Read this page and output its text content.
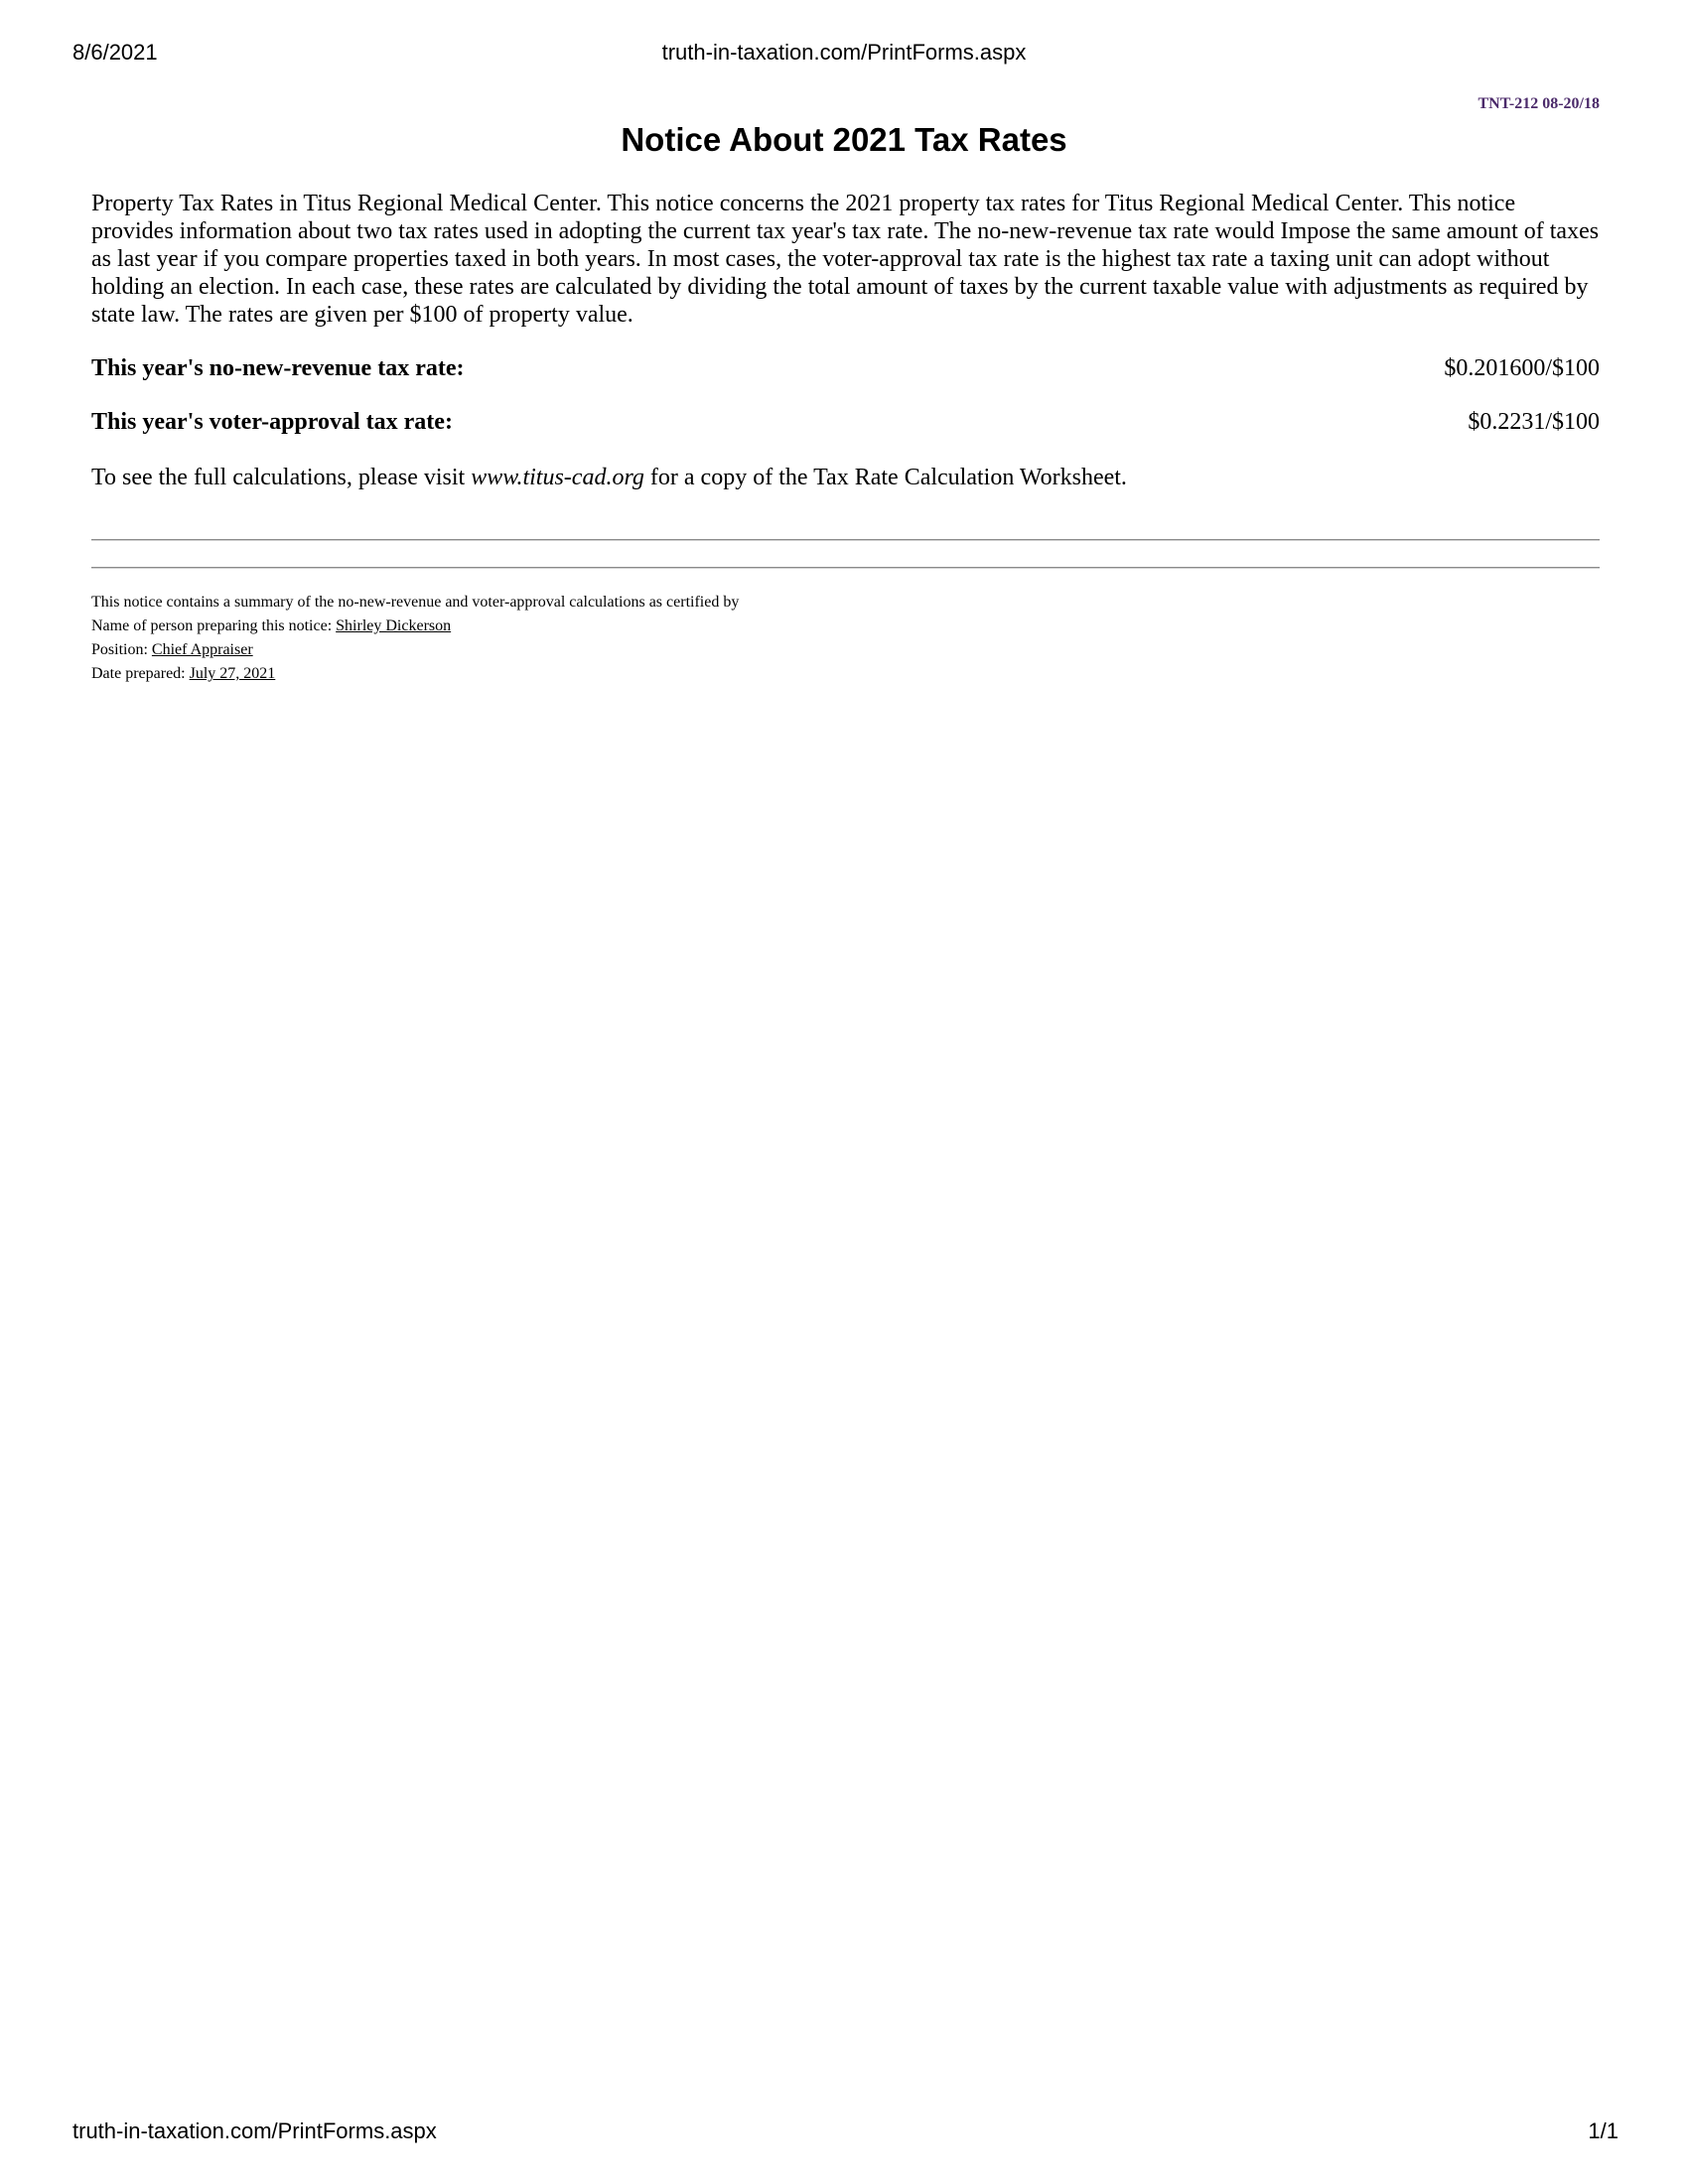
8/6/2021	truth-in-taxation.com/PrintForms.aspx
TNT-212 08-20/18
Notice About 2021 Tax Rates

Property Tax Rates in Titus Regional Medical Center. This notice concerns the 2021 property tax rates for Titus Regional Medical Center. This notice provides information about two tax rates used in adopting the current tax year's tax rate. The no-new-revenue tax rate would Impose the same amount of taxes as last year if you compare properties taxed in both years. In most cases, the voter-approval tax rate is the highest tax rate a taxing unit can adopt without holding an election. In each case, these rates are calculated by dividing the total amount of taxes by the current taxable value with adjustments as required by state law. The rates are given per $100 of property value.

This year's no-new-revenue tax rate:	$0.201600/$100
This year's voter-approval tax rate:	$0.2231/$100
To see the full calculations, please visit www.titus-cad.org for a copy of the Tax Rate Calculation Worksheet.
This notice contains a summary of the no-new-revenue and voter-approval calculations as certified by
Name of person preparing this notice: Shirley Dickerson
Position: Chief Appraiser
Date prepared: July 27, 2021
truth-in-taxation.com/PrintForms.aspx	1/1
